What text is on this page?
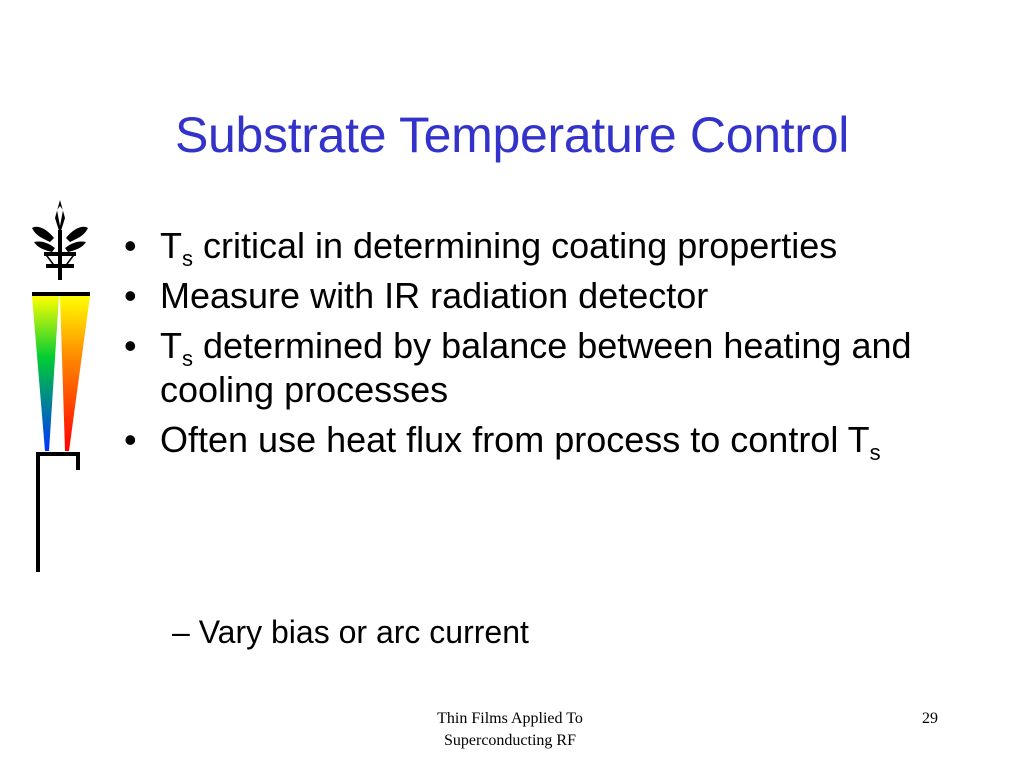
Substrate Temperature Control
• $T_s$ critical in determining coating properties
• Measure with IR radiation detector
• $T_s$ determined by balance between heating and cooling processes
• Often use heat flux from process to control $T_s$
– Vary bias or arc current
Thin Films Applied To Superconducting RF
29
